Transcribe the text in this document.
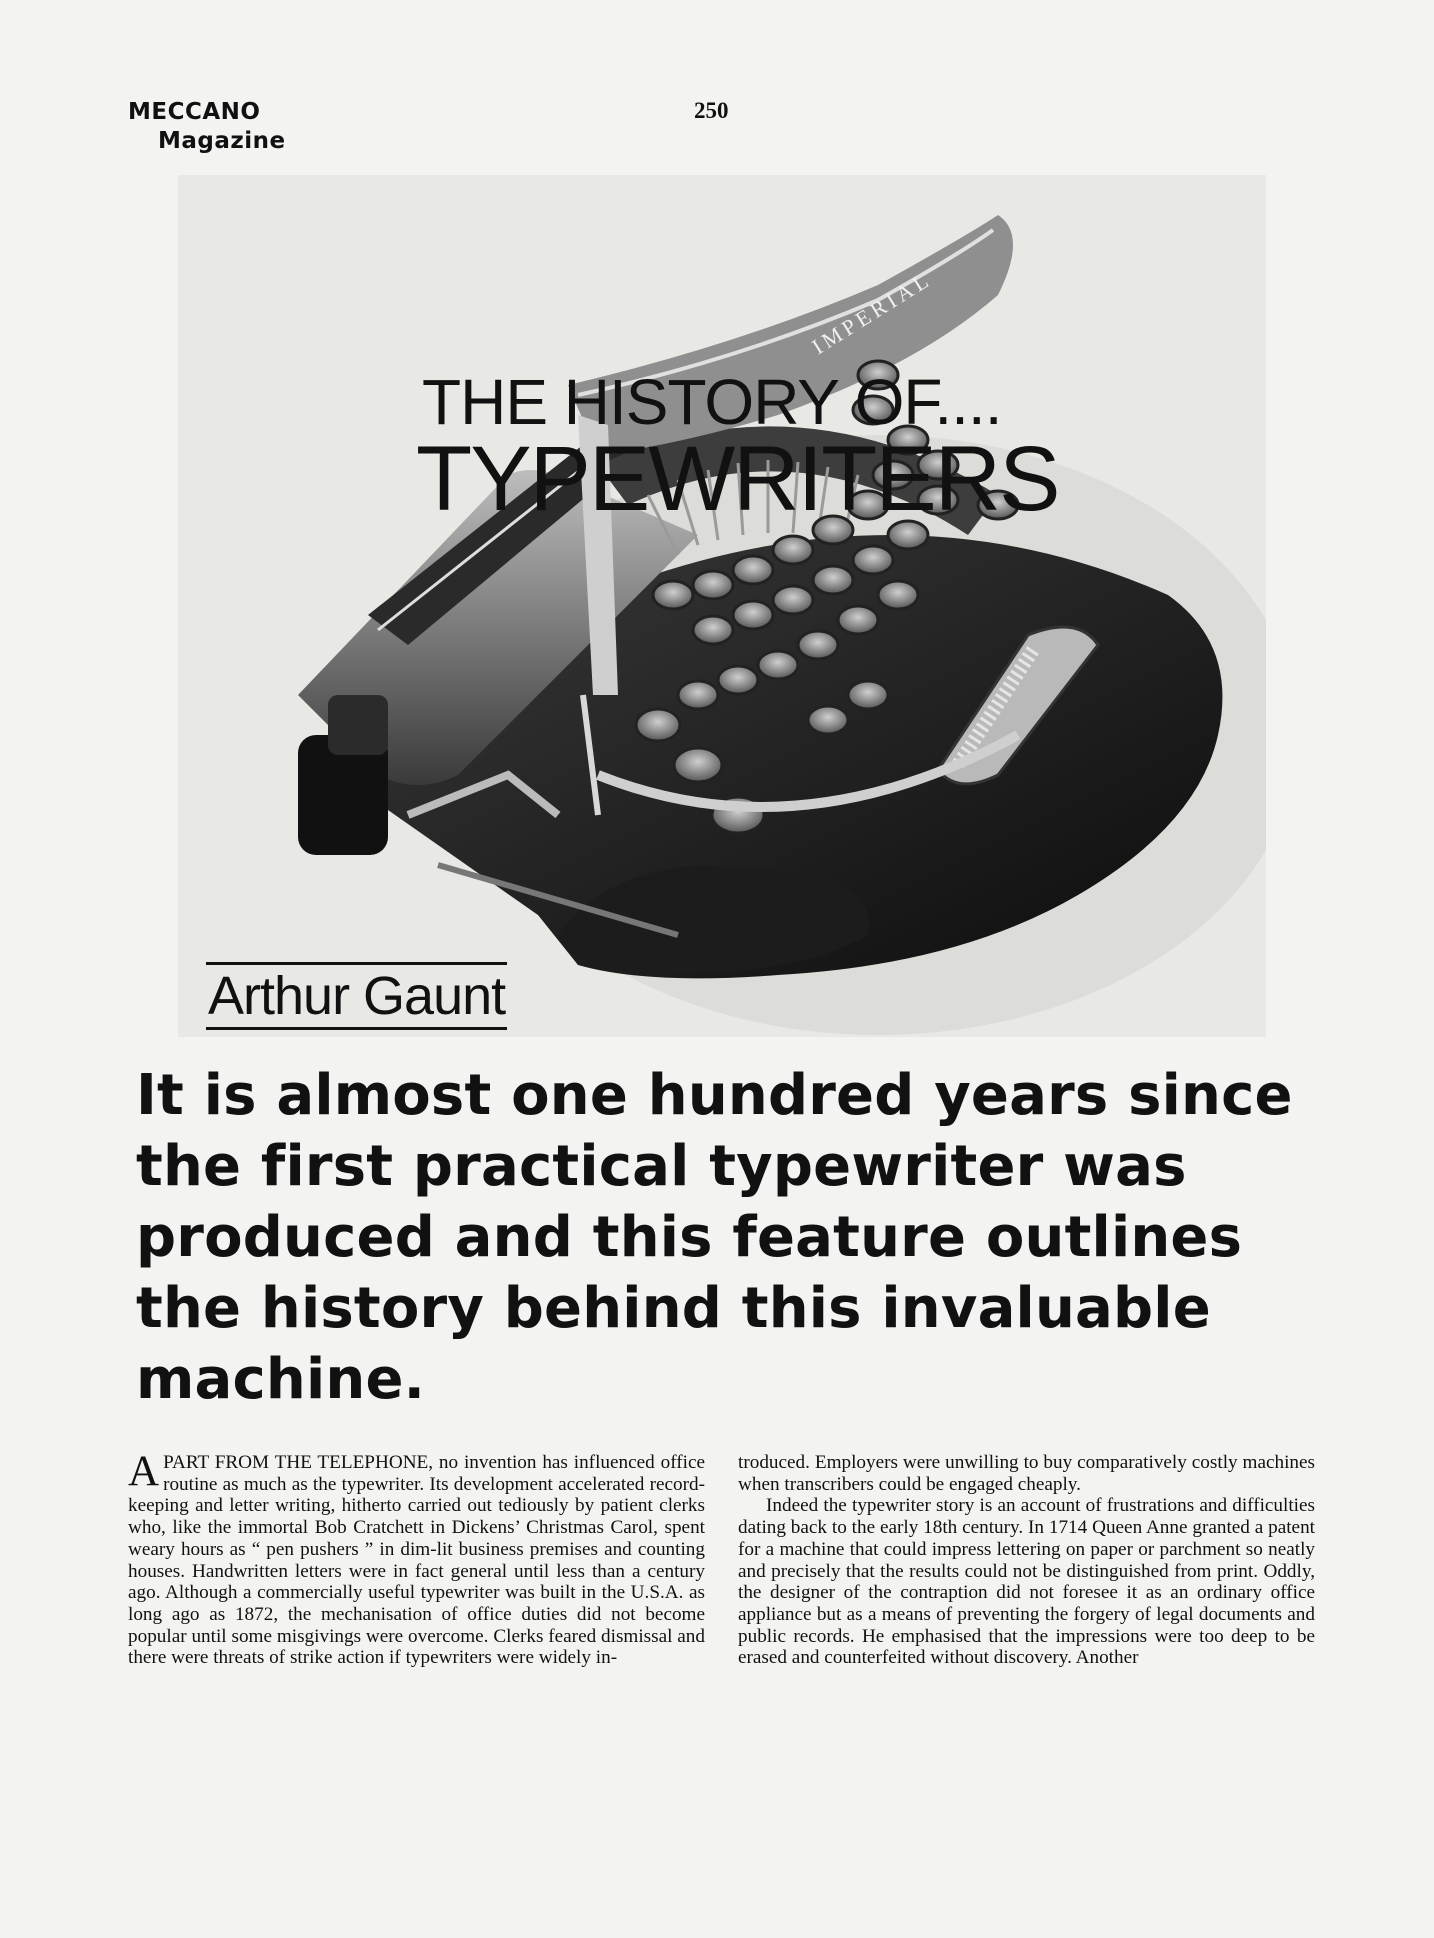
MECCANO
Magazine
250
IMPERIAL
THE HISTORY OF....
TYPEWRITERS
Arthur Gaunt
It is almost one hundred years since the first practical typewriter was produced and this feature outlines the history behind this invaluable machine.

APART FROM THE TELEPHONE, no invention has influenced office routine as much as the typewriter. Its development accelerated record-keeping and letter writing, hitherto carried out tediously by patient clerks who, like the immortal Bob Cratchett in Dickens’ Christmas Carol, spent weary hours as “ pen pushers ” in dim-lit business premises and counting houses. Handwritten letters were in fact general until less than a century ago. Although a commercially useful typewriter was built in the U.S.A. as long ago as 1872, the mechanisation of office duties did not become popular until some misgivings were overcome. Clerks feared dismissal and there were threats of strike action if typewriters were widely in-

troduced. Employers were unwilling to buy comparatively costly machines when transcribers could be engaged cheaply.

Indeed the typewriter story is an account of frustrations and difficulties dating back to the early 18th century. In 1714 Queen Anne granted a patent for a machine that could impress lettering on paper or parchment so neatly and precisely that the results could not be distinguished from print. Oddly, the designer of the contraption did not foresee it as an ordinary office appliance but as a means of preventing the forgery of legal documents and public records. He emphasised that the impressions were too deep to be erased and counterfeited without discovery. Another
